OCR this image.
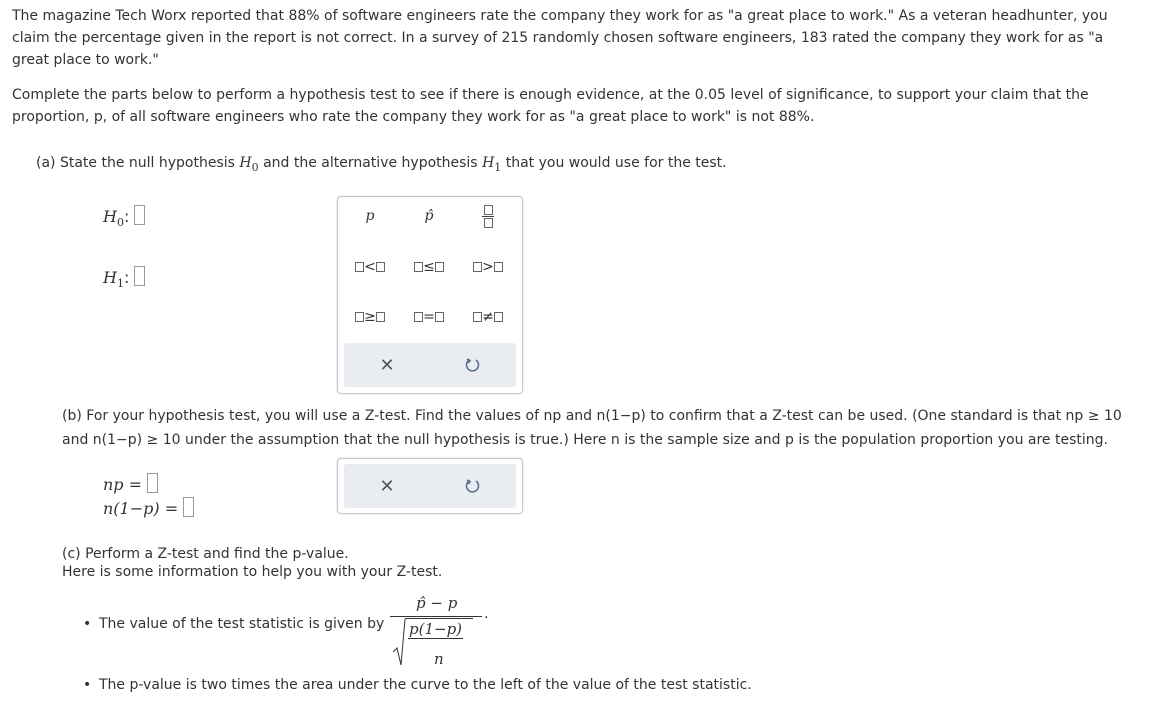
The magazine Tech Worx reported that 88% of software engineers rate the company they work for as "a great place to work." As a veteran headhunter, you claim the percentage given in the report is not correct. In a survey of 215 randomly chosen software engineers, 183 rated the company they work for as "a great place to work."
Complete the parts below to perform a hypothesis test to see if there is enough evidence, at the 0.05 level of significance, to support your claim that the proportion, p, of all software engineers who rate the company they work for as "a great place to work" is not 88%.
(a) State the null hypothesis $H_0$ and the alternative hypothesis $H_1$ that you would use for the test.
$H_0$:
$H_1$:
p	p̂

<	≤	>
≥	=	≠
✕
(b) For your hypothesis test, you will use a Z-test. Find the values of np and n(1−p) to confirm that a Z-test can be used. (One standard is that np ≥ 10 and n(1−p) ≥ 10 under the assumption that the null hypothesis is true.) Here n is the sample size and p is the population proportion you are testing.
np =
n(1−p) =
✕
(c) Perform a Z-test and find the p-value.
Here is some information to help you with your Z-test.
• The value of the test statistic is given by
p̂ − p
p(1−p)
n
.
• The p-value is two times the area under the curve to the left of the value of the test statistic.
